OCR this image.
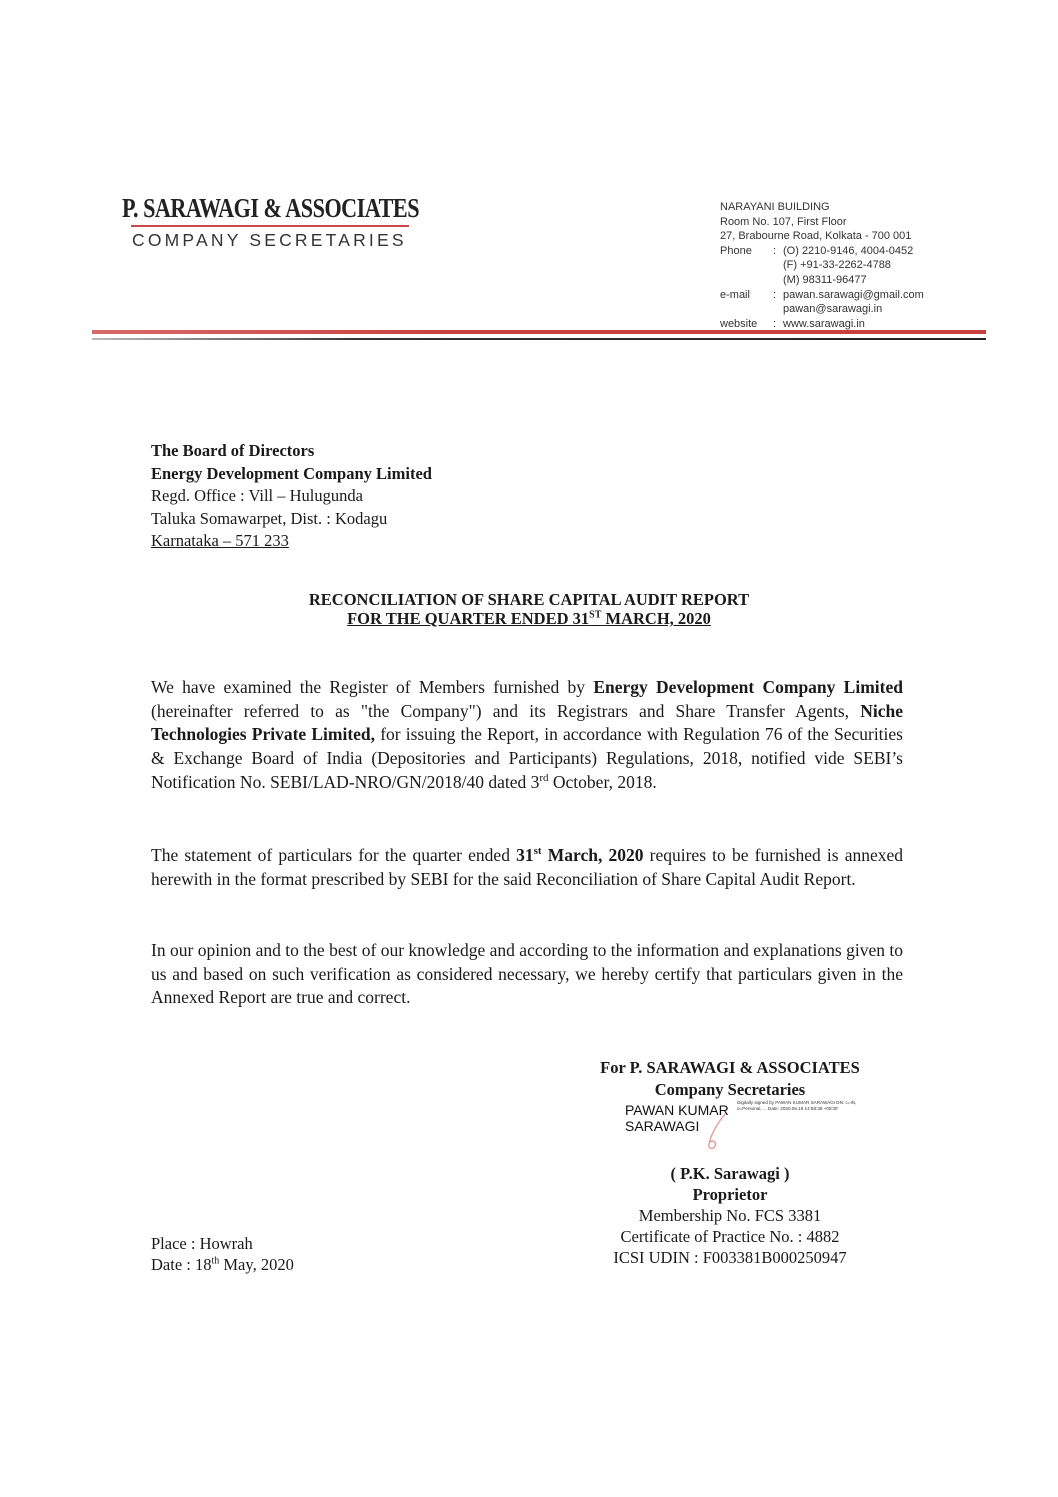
P. SARAWAGI & ASSOCIATES
COMPANY SECRETARIES
NARAYANI BUILDING
Room No. 107, First Floor
27, Brabourne Road, Kolkata - 700 001
Phone	: (O) 2210-9146, 4004-0452
(F) +91-33-2262-4788
(M) 98311-96477
e-mail	: pawan.sarawagi@gmail.com
pawan@sarawagi.in
website	: www.sarawagi.in
The Board of Directors
Energy Development Company Limited
Regd. Office : Vill – Hulugunda
Taluka Somawarpet, Dist. : Kodagu
Karnataka – 571 233
RECONCILIATION OF SHARE CAPITAL AUDIT REPORT
FOR THE QUARTER ENDED 31ST MARCH, 2020
We have examined the Register of Members furnished by Energy Development Company Limited (hereinafter referred to as "the Company") and its Registrars and Share Transfer Agents, Niche Technologies Private Limited, for issuing the Report, in accordance with Regulation 76 of the Securities & Exchange Board of India (Depositories and Participants) Regulations, 2018, notified vide SEBI’s Notification No. SEBI/LAD-NRO/GN/2018/40 dated 3rd October, 2018.
The statement of particulars for the quarter ended 31st March, 2020 requires to be furnished is annexed herewith in the format prescribed by SEBI for the said Reconciliation of Share Capital Audit Report.
In our opinion and to the best of our knowledge and according to the information and explanations given to us and based on such verification as considered necessary, we hereby certify that particulars given in the Annexed Report are true and correct.
For P. SARAWAGI & ASSOCIATES
Company Secretaries
PAWAN KUMAR
SARAWAGI
Digitally signed by PAWAN KUMAR SARAWAGI DN: c=IN, o=Personal, ... Date: 2020.05.18 14:58:38 +05'30'
( P.K. Sarawagi )
Proprietor
Membership No. FCS 3381
Certificate of Practice No. : 4882
ICSI UDIN : F003381B000250947
Place : Howrah
Date : 18th May, 2020
